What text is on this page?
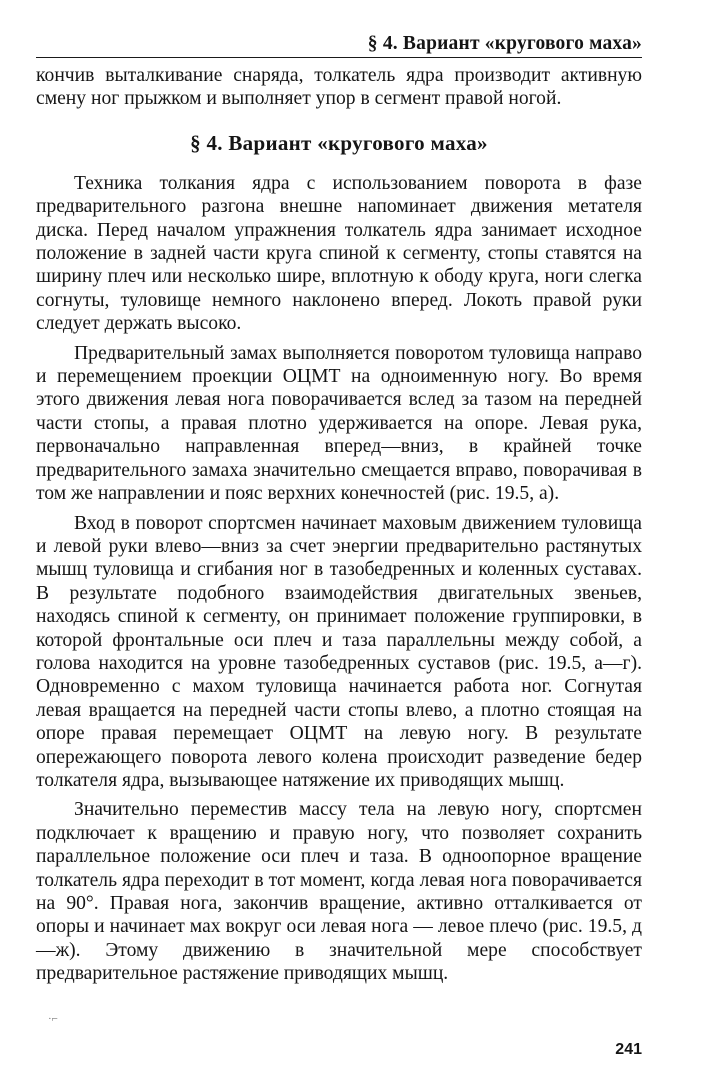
§ 4. Вариант «кругового маха»

кончив выталкивание снаряда, толкатель ядра производит активную смену ног прыжком и выполняет упор в сегмент правой ногой.

§ 4. Вариант «кругового маха»

Техника толкания ядра с использованием поворота в фазе предварительного разгона внешне напоминает движения метателя диска. Перед началом упражнения толкатель ядра занимает исходное положение в задней части круга спиной к сегменту, стопы ставятся на ширину плеч или несколько шире, вплотную к ободу круга, ноги слегка согнуты, туловище немного наклонено вперед. Локоть правой руки следует держать высоко.

Предварительный замах выполняется поворотом туловища направо и перемещением проекции ОЦМТ на одноименную ногу. Во время этого движения левая нога поворачивается вслед за тазом на передней части стопы, а правая плотно удерживается на опоре. Левая рука, первоначально направленная вперед—вниз, в крайней точке предварительного замаха значительно смещается вправо, поворачивая в том же направлении и пояс верхних конечностей (рис. 19.5, а).

Вход в поворот спортсмен начинает маховым движением туловища и левой руки влево—вниз за счет энергии предварительно растянутых мышц туловища и сгибания ног в тазобедренных и коленных суставах. В результате подобного взаимодействия двигательных звеньев, находясь спиной к сегменту, он принимает положение группировки, в которой фронтальные оси плеч и таза параллельны между собой, а голова находится на уровне тазобедренных суставов (рис. 19.5, а—г). Одновременно с махом туловища начинается работа ног. Согнутая левая вращается на передней части стопы влево, а плотно стоящая на опоре правая перемещает ОЦМТ на левую ногу. В результате опережающего поворота левого колена происходит разведение бедер толкателя ядра, вызывающее натяжение их приводящих мышц.

Значительно переместив массу тела на левую ногу, спортсмен подключает к вращению и правую ногу, что позволяет сохранить параллельное положение оси плеч и таза. В одноопорное вращение толкатель ядра переходит в тот момент, когда левая нога поворачивается на 90°. Правая нога, закончив вращение, активно отталкивается от опоры и начинает мах вокруг оси левая нога — левое плечо (рис. 19.5, д—ж). Этому движению в значительной мере способствует предварительное растяжение приводящих мышц.

·⌐
241
